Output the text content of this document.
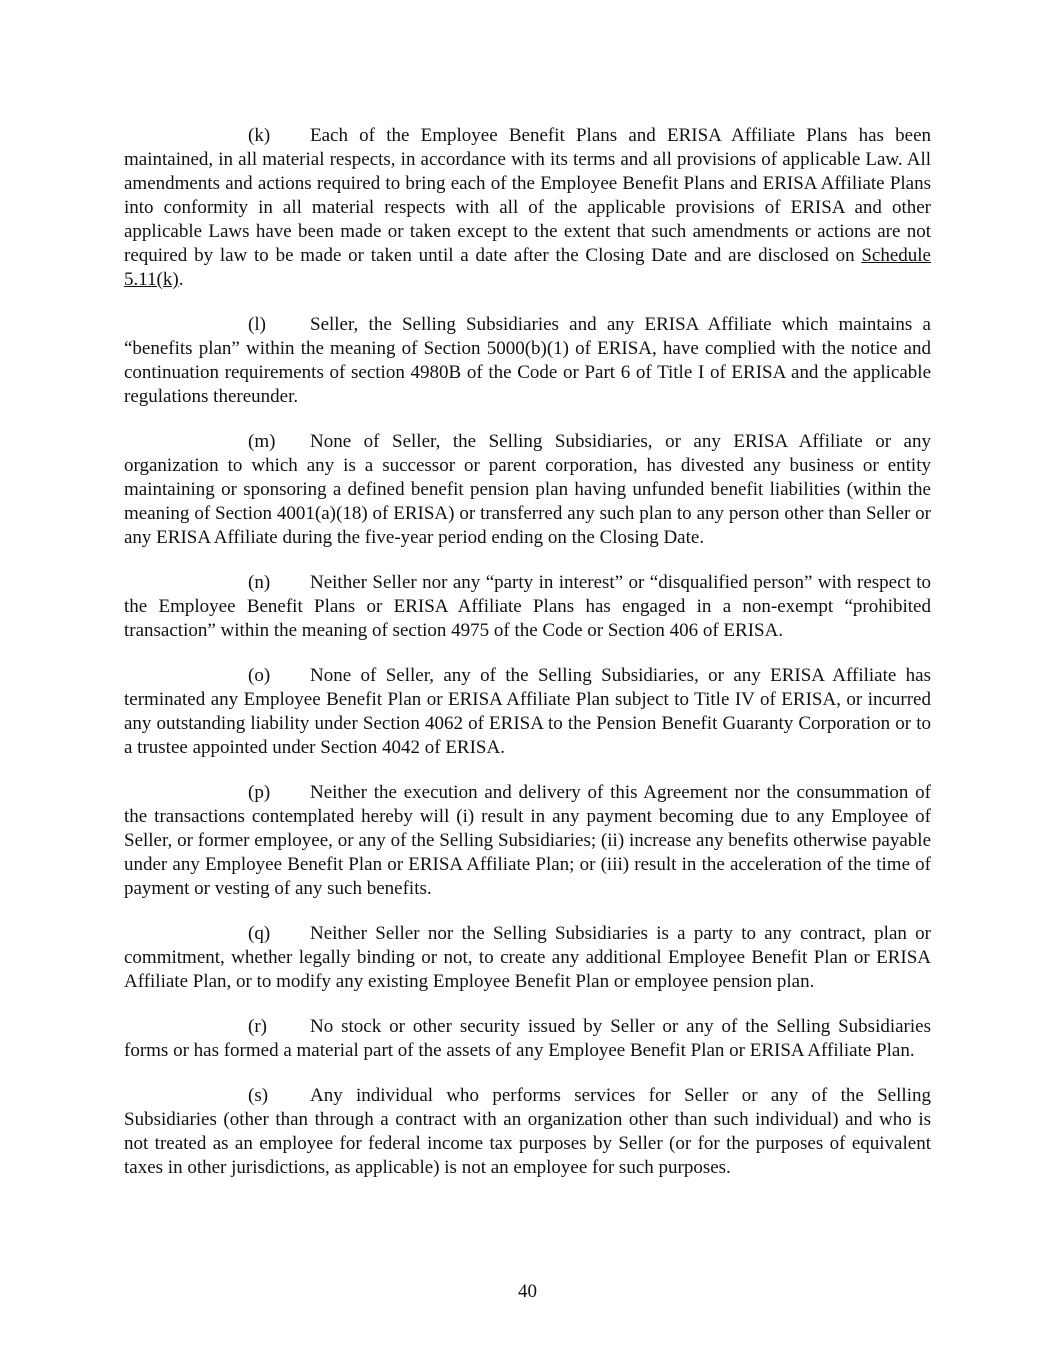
(k) Each of the Employee Benefit Plans and ERISA Affiliate Plans has been maintained, in all material respects, in accordance with its terms and all provisions of applicable Law. All amendments and actions required to bring each of the Employee Benefit Plans and ERISA Affiliate Plans into conformity in all material respects with all of the applicable provisions of ERISA and other applicable Laws have been made or taken except to the extent that such amendments or actions are not required by law to be made or taken until a date after the Closing Date and are disclosed on Schedule 5.11(k).

(l) Seller, the Selling Subsidiaries and any ERISA Affiliate which maintains a “benefits plan” within the meaning of Section 5000(b)(1) of ERISA, have complied with the notice and continuation requirements of section 4980B of the Code or Part 6 of Title I of ERISA and the applicable regulations thereunder.

(m) None of Seller, the Selling Subsidiaries, or any ERISA Affiliate or any organization to which any is a successor or parent corporation, has divested any business or entity maintaining or sponsoring a defined benefit pension plan having unfunded benefit liabilities (within the meaning of Section 4001(a)(18) of ERISA) or transferred any such plan to any person other than Seller or any ERISA Affiliate during the five-year period ending on the Closing Date.

(n) Neither Seller nor any “party in interest” or “disqualified person” with respect to the Employee Benefit Plans or ERISA Affiliate Plans has engaged in a non-exempt “prohibited transaction” within the meaning of section 4975 of the Code or Section 406 of ERISA.

(o) None of Seller, any of the Selling Subsidiaries, or any ERISA Affiliate has terminated any Employee Benefit Plan or ERISA Affiliate Plan subject to Title IV of ERISA, or incurred any outstanding liability under Section 4062 of ERISA to the Pension Benefit Guaranty Corporation or to a trustee appointed under Section 4042 of ERISA.

(p) Neither the execution and delivery of this Agreement nor the consummation of the transactions contemplated hereby will (i) result in any payment becoming due to any Employee of Seller, or former employee, or any of the Selling Subsidiaries; (ii) increase any benefits otherwise payable under any Employee Benefit Plan or ERISA Affiliate Plan; or (iii) result in the acceleration of the time of payment or vesting of any such benefits.

(q) Neither Seller nor the Selling Subsidiaries is a party to any contract, plan or commitment, whether legally binding or not, to create any additional Employee Benefit Plan or ERISA Affiliate Plan, or to modify any existing Employee Benefit Plan or employee pension plan.

(r) No stock or other security issued by Seller or any of the Selling Subsidiaries forms or has formed a material part of the assets of any Employee Benefit Plan or ERISA Affiliate Plan.

(s) Any individual who performs services for Seller or any of the Selling Subsidiaries (other than through a contract with an organization other than such individual) and who is not treated as an employee for federal income tax purposes by Seller (or for the purposes of equivalent taxes in other jurisdictions, as applicable) is not an employee for such purposes.

40
